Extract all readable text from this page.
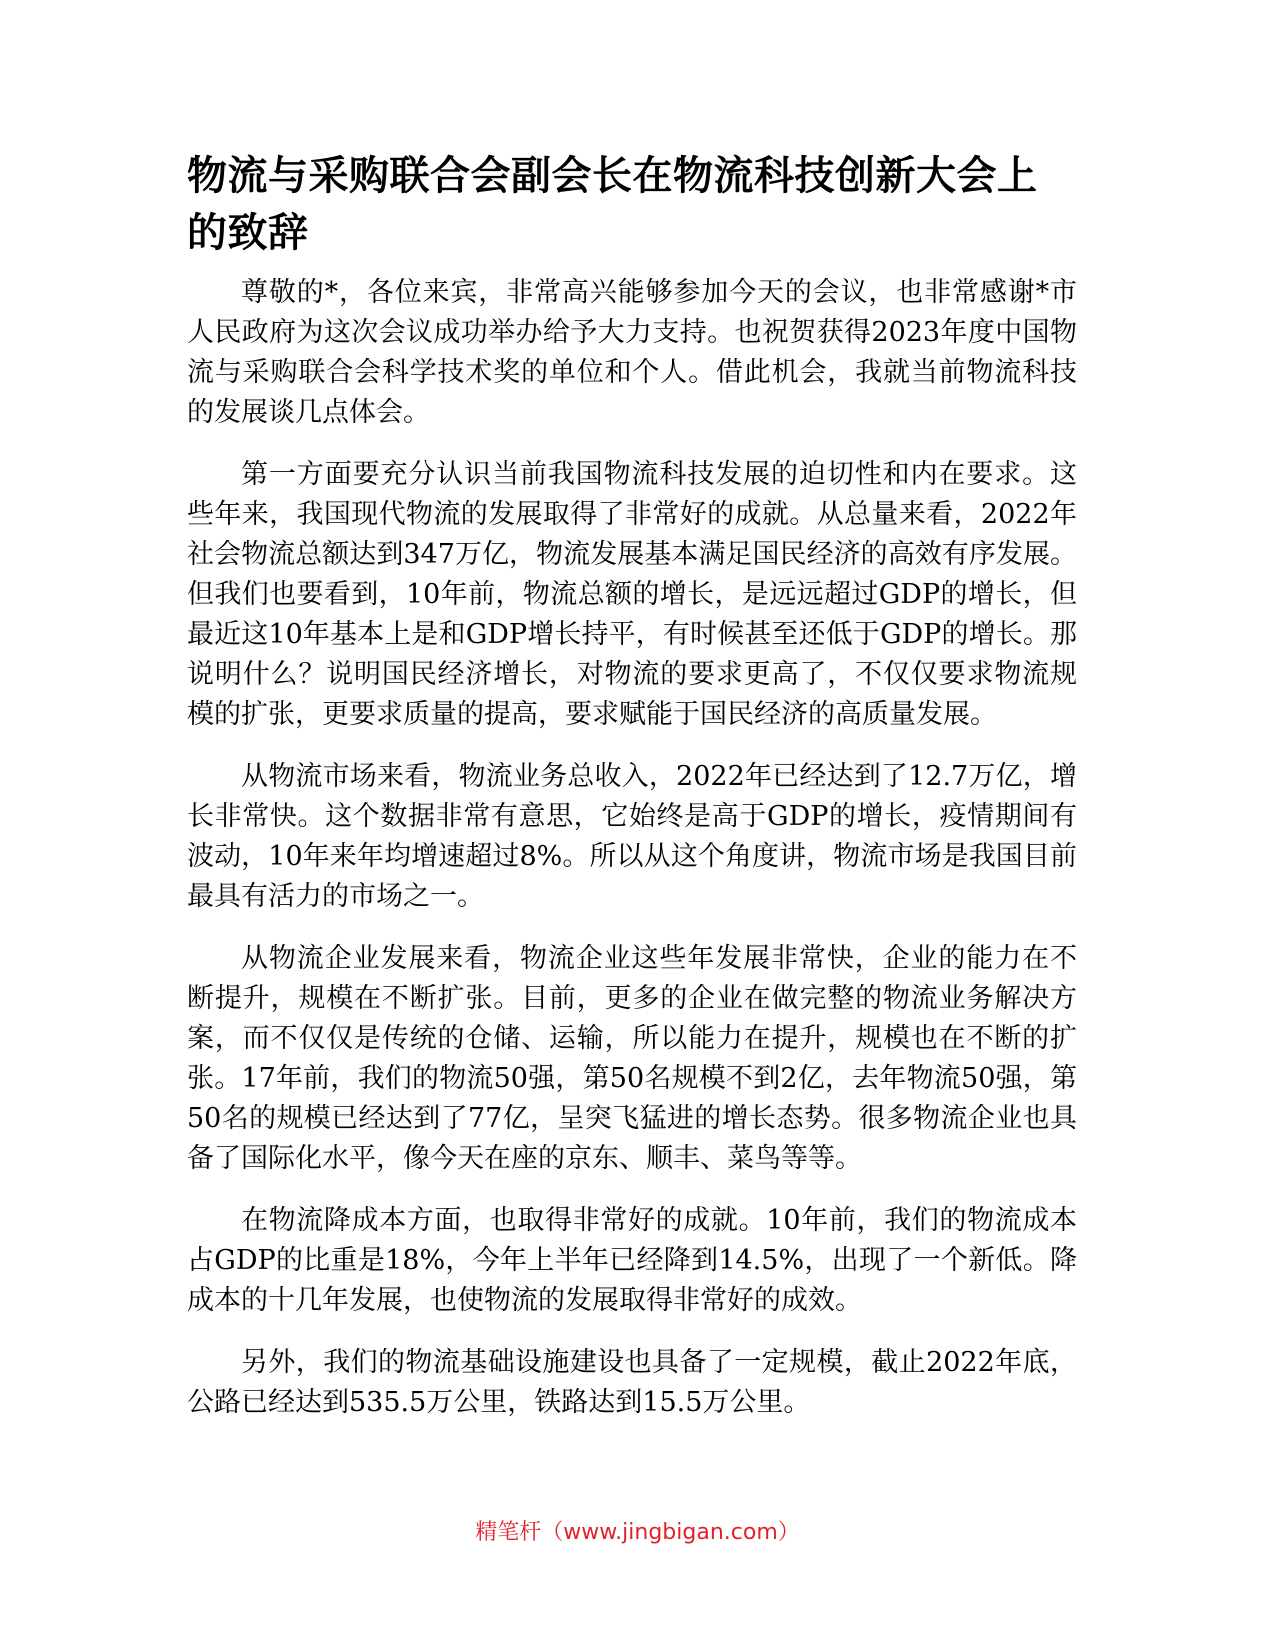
物流与采购联合会副会长在物流科技创新大会上的致辞

尊敬的*，各位来宾，非常高兴能够参加今天的会议，也非常感谢*市人民政府为这次会议成功举办给予大力支持。也祝贺获得2023年度中国物流与采购联合会科学技术奖的单位和个人。借此机会，我就当前物流科技的发展谈几点体会。

第一方面要充分认识当前我国物流科技发展的迫切性和内在要求。这些年来，我国现代物流的发展取得了非常好的成就。从总量来看，2022年社会物流总额达到347万亿，物流发展基本满足国民经济的高效有序发展。但我们也要看到，10年前，物流总额的增长，是远远超过GDP的增长，但最近这10年基本上是和GDP增长持平，有时候甚至还低于GDP的增长。那说明什么？说明国民经济增长，对物流的要求更高了，不仅仅要求物流规模的扩张，更要求质量的提高，要求赋能于国民经济的高质量发展。

从物流市场来看，物流业务总收入，2022年已经达到了12.7万亿，增长非常快。这个数据非常有意思，它始终是高于GDP的增长，疫情期间有波动，10年来年均增速超过8%。所以从这个角度讲，物流市场是我国目前最具有活力的市场之一。

从物流企业发展来看，物流企业这些年发展非常快，企业的能力在不断提升，规模在不断扩张。目前，更多的企业在做完整的物流业务解决方案，而不仅仅是传统的仓储、运输，所以能力在提升，规模也在不断的扩张。17年前，我们的物流50强，第50名规模不到2亿，去年物流50强，第50名的规模已经达到了77亿，呈突飞猛进的增长态势。很多物流企业也具备了国际化水平，像今天在座的京东、顺丰、菜鸟等等。

在物流降成本方面，也取得非常好的成就。10年前，我们的物流成本占GDP的比重是18%，今年上半年已经降到14.5%，出现了一个新低。降成本的十几年发展，也使物流的发展取得非常好的成效。

另外，我们的物流基础设施建设也具备了一定规模，截止2022年底，公路已经达到535.5万公里，铁路达到15.5万公里。

精笔杆（www.jingbigan.com）
